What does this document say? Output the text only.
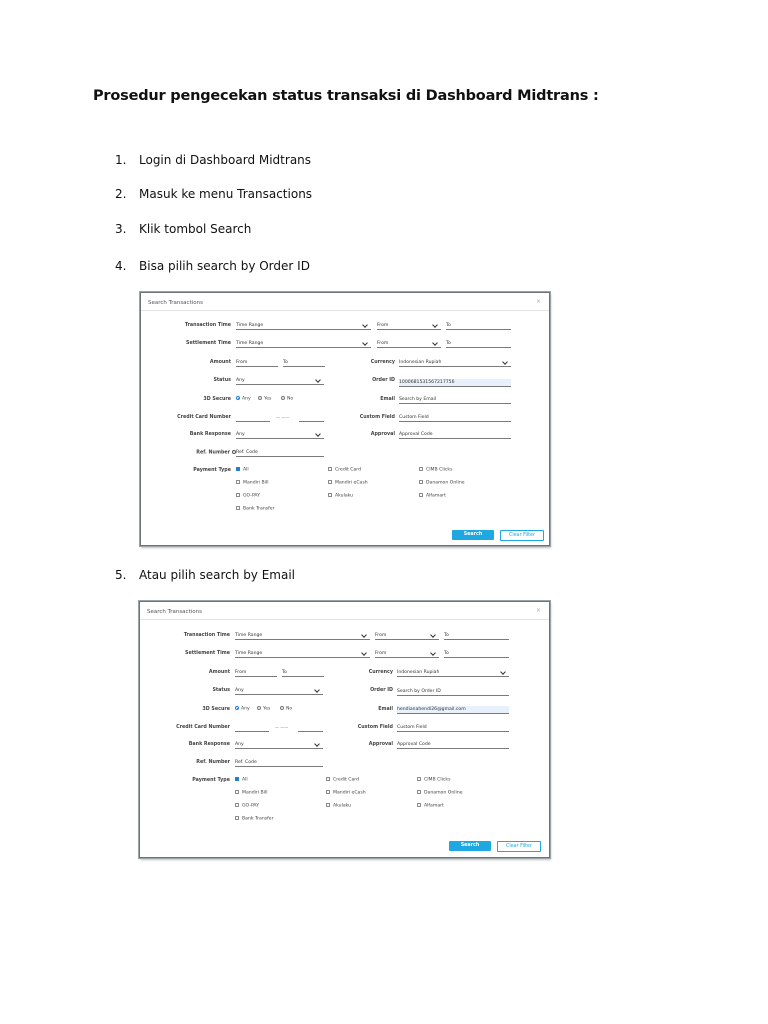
Prosedur pengecekan status transaksi di Dashboard Midtrans :
1. Login di Dashboard Midtrans
2. Masuk ke menu Transactions
3. Klik tombol Search
4. Bisa pilih search by Order ID
Search Transactions	×
Transaction Time Time Range	From	To
Settlement Time Time Range	From	To
Amount From	To	Currency Indonesian Rupiah
Status Any	Order ID 1000681531567217756
3D Secure	Any	Yes	No	Email Search by Email
Credit Card Number	— ——	Custom Field Custom Field
Bank Response Any	Approval Approval Code
Ref. Number	Ref. Code
Payment Type	All	Credit Card	CIMB Clicks
Mandiri Bill	Mandiri eCash	Danamon Online
GO-PAY	Akulaku	Alfamart
Bank Transfer
Search	Clear Filter
5. Atau pilih search by Email
Search Transactions	×
Transaction Time Time Range	From	To
Settlement Time Time Range	From	To
Amount From	To	Currency Indonesian Rupiah
Status Any	Order ID Search by Order ID
3D Secure	Any	Yes	No	Email hendianahendi26@gmail.com
Credit Card Number	— ——	Custom Field Custom Field
Bank Response Any	Approval Approval Code
Ref. Number Ref. Code
Payment Type	All	Credit Card	CIMB Clicks
Mandiri Bill	Mandiri eCash	Danamon Online
GO-PAY	Akulaku	Alfamart
Bank Transfer
Search	Clear Filter
